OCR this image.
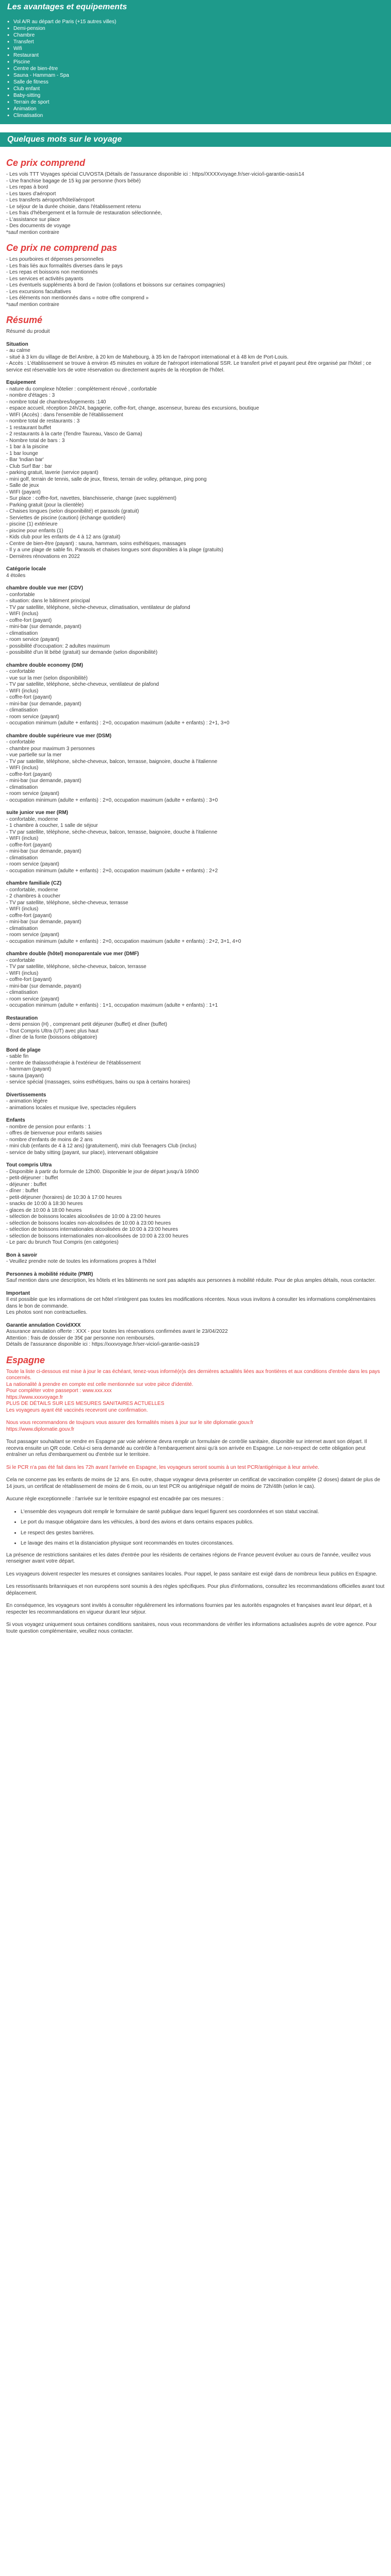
Les avantages et equipements
● Vol A/R au départ de Paris (+15 autres villes)
● Demi-pension
● Chambre
● Transfert
● Wifi
● Restaurant
● Piscine
● Centre de bien-être
● Sauna - Hammam - Spa
● Salle de fitness
● Club enfant
● Baby-sitting
● Terrain de sport
● Animation
● Climatisation
Quelques mots sur le voyage
Ce prix comprend
- Les vols TTT Voyages spécial CUVOSTA (Détails de l'assurance disponible ici : https//XXXXvoyage.fr/ser-vicio/i-garantie-oasis14
- Une franchise bagage de 15 kg par personne (hors bébé)
- Les repas à bord
- Les taxes d'aéroport
- Les transferts aéroport/hôtel/aéroport
- Le séjour de la durée choisie, dans l'établissement retenu
- Les frais d'hébergement et la formule de restauration sélectionnée,
- L'assistance sur place
- Des documents de voyage
*sauf mention contraire
Ce prix ne comprend pas
- Les pourboires et dépenses personnelles
- Les frais liés aux formalités diverses dans le pays
- Les repas et boissons non mentionnés
- Les services et activités payants
- Les éventuels suppléments à bord de l'avion (collations et boissons sur certaines compagnies)
- Les excursions facultatives
- Les éléments non mentionnés dans « notre offre comprend »
*sauf mention contraire
Résumé
Résumé du produit
Situation
- au calme
- situé à 3 km du village de Bel Ambre, à 20 km de Mahebourg, à 35 km de l'aéroport international et à 48 km de Port-Louis.
- Accès : L'établissement se trouve à environ 45 minutes en voiture de l'aéroport international SSR. Le transfert privé et payant peut être organisé par l'hôtel ; ce service est réservable lors de votre réservation ou directement auprès de la réception de l'hôtel.
Equipement
- nature du complexe hôtelier : complètement rénové , confortable
- nombre d'étages : 3
- nombre total de chambres/logements :140
- espace accueil, réception 24h/24, bagagerie, coffre-fort, change, ascenseur, bureau des excursions, boutique
- WIFI (Accès) : dans l'ensemble de l'établissement
- nombre total de restaurants : 3
- 1 restaurant buffet
- 2 restaurants à la carte (Tendre Taureau, Vasco de Gama)
- Nombre total de bars : 3
- 1 bar à la piscine
- 1 bar lounge
- Bar 'Indian bar'
- Club Surf Bar : bar
- parking gratuit, laverie (service payant)
- mini golf, terrain de tennis, salle de jeux, fitness, terrain de volley, pétanque, ping pong
- Salle de jeux
- WIFI (payant)
- Sur place : coffre-fort, navettes, blanchisserie, change (avec supplément)
- Parking gratuit (pour la clientèle)
- Chaises longues (selon disponibilité) et parasols (gratuit)
- Serviettes de piscine (caution) (échange quotidien)
- piscine (1) extérieure
- piscine pour enfants (1)
- Kids club pour les enfants de 4 à 12 ans (gratuit)
- Centre de bien-être (payant) : sauna, hammam, soins esthétiques, massages
- Il y a une plage de sable fin. Parasols et chaises longues sont disponibles à la plage (gratuits)
- Dernières rénovations en 2022
Catégorie locale
4 étoiles
chambre double vue mer (CDV)
- confortable
- situation: dans le bâtiment principal
- TV par satellite, téléphone, sèche-cheveux, climatisation, ventilateur de plafond
- WIFI (inclus)
- coffre-fort (payant)
- mini-bar (sur demande, payant)
- climatisation
- room service (payant)
- possibilité d'occupation: 2 adultes maximum
- possibilité d'un lit bébé (gratuit) sur demande (selon disponibilité)
chambre double economy (DM)
- confortable
- vue sur la mer (selon disponibilité)
- TV par satellite, téléphone, sèche-cheveux, ventilateur de plafond
- WIFI (inclus)
- coffre-fort (payant)
- mini-bar (sur demande, payant)
- climatisation
- room service (payant)
- occupation minimum (adulte + enfants) : 2+0, occupation maximum (adulte + enfants) : 2+1, 3+0
chambre double supérieure vue mer (DSM)
- confortable
- chambre pour maximum 3 personnes
- vue partielle sur la mer
- TV par satellite, téléphone, sèche-cheveux, balcon, terrasse, baignoire, douche à l'italienne
- WIFI (inclus)
- coffre-fort (payant)
- mini-bar (sur demande, payant)
- climatisation
- room service (payant)
- occupation minimum (adulte + enfants) : 2+0, occupation maximum (adulte + enfants) : 3+0
suite junior vue mer (RM)
- confortable, moderne
- 1 chambre à coucher, 1 salle de séjour
- TV par satellite, téléphone, sèche-cheveux, balcon, terrasse, baignoire, douche à l'italienne
- WIFI (inclus)
- coffre-fort (payant)
- mini-bar (sur demande, payant)
- climatisation
- room service (payant)
- occupation minimum (adulte + enfants) : 2+0, occupation maximum (adulte + enfants) : 2+2
chambre familiale (CZ)
- confortable, moderne
- 2 chambres à coucher
- TV par satellite, téléphone, sèche-cheveux, terrasse
- WIFI (inclus)
- coffre-fort (payant)
- mini-bar (sur demande, payant)
- climatisation
- room service (payant)
- occupation minimum (adulte + enfants) : 2+0, occupation maximum (adulte + enfants) : 2+2, 3+1, 4+0
chambre double (hôtel) monoparentale vue mer (DMF)
- confortable
- TV par satellite, téléphone, sèche-cheveux, balcon, terrasse
- WIFI (inclus)
- coffre-fort (payant)
- mini-bar (sur demande, payant)
- climatisation
- room service (payant)
- occupation minimum (adulte + enfants) : 1+1, occupation maximum (adulte + enfants) : 1+1
Restauration
- demi pension (H) , comprenant petit déjeuner (buffet) et dîner (buffet)
- Tout Compris Ultra (UT) avec plus haut
- dîner de la fonte (boissons obligatoire)
Bord de plage
- sable fin
- centre de thalassothérapie à l'extérieur de l'établissement
- hammam (payant)
- sauna (payant)
- service spécial (massages, soins esthétiques, bains ou spa à certains horaires)
Divertissements
- animation légère
- animations locales et musique live, spectacles réguliers
Enfants
- nombre de pension pour enfants : 1
- offres de bienvenue pour enfants saisies
- nombre d'enfants de moins de 2 ans
- mini club (enfants de 4 à 12 ans) (gratuitement), mini club Teenagers Club (inclus)
- service de baby sitting (payant, sur place), intervenant obligatoire
Tout compris Ultra
- Disponible à partir du formule de 12h00. Disponible le jour de départ jusqu'à 16h00
- petit-déjeuner : buffet
- déjeuner : buffet
- dîner : buffet
- petit-déjeuner (horaires) de 10:30 à 17:00 heures
- snacks de 10:00 à 18:30 heures
- glaces de 10:00 à 18:00 heures
- sélection de boissons locales alcoolisées de 10:00 à 23:00 heures
- sélection de boissons locales non-alcoolisées de 10:00 à 23:00 heures
- sélection de boissons internationales alcoolisées de 10:00 à 23:00 heures
- sélection de boissons internationales non-alcoolisées de 10:00 à 23:00 heures
- Le parc du brunch Tout Compris (en catégories)
Bon à savoir
- Veuillez prendre note de toutes les informations propres à l'hôtel
Personnes à mobilité réduite (PMR)
Sauf mention dans une description, les hôtels et les bâtiments ne sont pas adaptés aux personnes à mobilité réduite. Pour de plus amples détails, nous contacter.
Important
Il est possible que les informations de cet hôtel n'intègrent pas toutes les modifications récentes. Nous vous invitons à consulter les informations complémentaires dans le bon de commande.
Les photos sont non contractuelles.
Garantie annulation CovidXXX
Assurance annulation offerte : XXX - pour toutes les réservations confirmées avant le 23/04/2022
Attention : frais de dossier de 35€ par personne non remboursés.
Détails de l'assurance disponible ici : https://xxxvoyage.fr/ser-vicio/i-garantie-oasis19
Espagne
Toute la liste ci-dessous est mise à jour le cas échéant, tenez-vous informé(e)s des dernières actualités liées aux frontières et aux conditions d'entrée dans les pays concernés.
La nationalité à prendre en compte est celle mentionnée sur votre pièce d'identité.
Pour compléter votre passeport : www.xxx.xxx
https://www.xxxvoyage.fr
PLUS DE DÉTAILS SUR LES MESURES SANITAIRES ACTUELLES
Les voyageurs ayant été vaccinés recevront une confirmation.
Nous vous recommandons de toujours vous assurer des formalités mises à jour sur le site diplomatie.gouv.fr
https://www.diplomatie.gouv.fr
Tout passager souhaitant se rendre en Espagne par voie aérienne devra remplir un formulaire de contrôle sanitaire, disponible sur internet avant son départ. Il recevra ensuite un QR code. Celui-ci sera demandé au contrôle à l'embarquement ainsi qu'à son arrivée en Espagne. Le non-respect de cette obligation peut entraîner un refus d'embarquement ou d'entrée sur le territoire.
Si le PCR n'a pas été fait dans les 72h avant l'arrivée en Espagne, les voyageurs seront soumis à un test PCR/antigénique à leur arrivée.
Cela ne concerne pas les enfants de moins de 12 ans. En outre, chaque voyageur devra présenter un certificat de vaccination complète (2 doses) datant de plus de 14 jours, un certificat de rétablissement de moins de 6 mois, ou un test PCR ou antigénique négatif de moins de 72h/48h (selon le cas).
Aucune règle exceptionnelle : l'arrivée sur le territoire espagnol est encadrée par ces mesures :
• L'ensemble des voyageurs doit remplir le formulaire de santé publique dans lequel figurent ses coordonnées et son statut vaccinal.
• Le port du masque obligatoire dans les véhicules, à bord des avions et dans certains espaces publics.
• Le respect des gestes barrières.
• Le lavage des mains et la distanciation physique sont recommandés en toutes circonstances.
La présence de restrictions sanitaires et les dates d'entrée pour les résidents de certaines régions de France peuvent évoluer au cours de l'année, veuillez vous renseigner avant votre départ.
Les voyageurs doivent respecter les mesures et consignes sanitaires locales. Pour rappel, le pass sanitaire est exigé dans de nombreux lieux publics en Espagne.
Les ressortissants britanniques et non européens sont soumis à des règles spécifiques. Pour plus d'informations, consultez les recommandations officielles avant tout déplacement.
En conséquence, les voyageurs sont invités à consulter régulièrement les informations fournies par les autorités espagnoles et françaises avant leur départ, et à respecter les recommandations en vigueur durant leur séjour.
Si vous voyagez uniquement sous certaines conditions sanitaires, nous vous recommandons de vérifier les informations actualisées auprès de votre agence. Pour toute question complémentaire, veuillez nous contacter.
